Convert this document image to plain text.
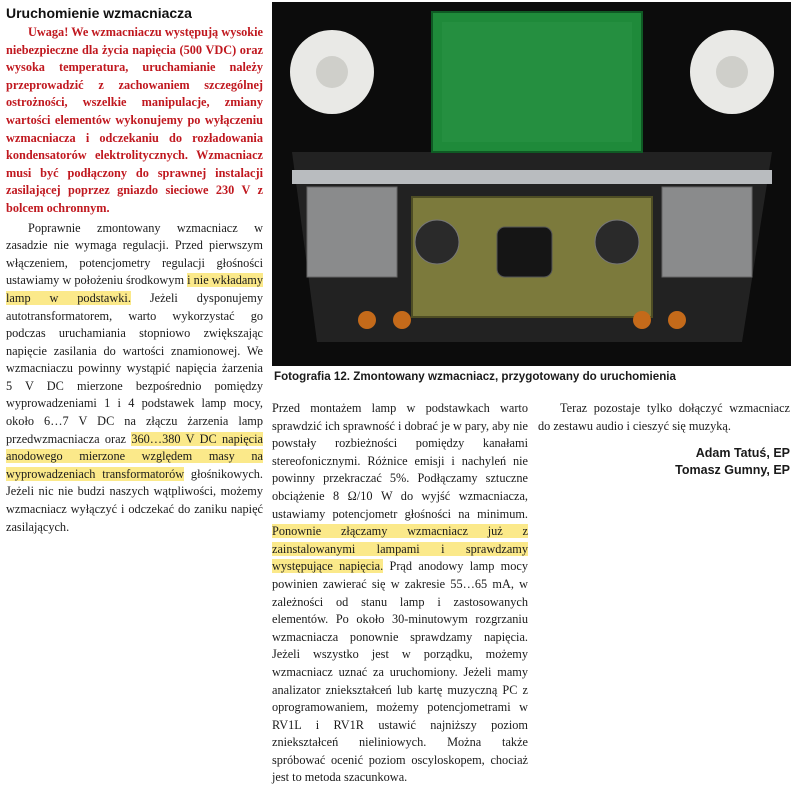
Uruchomienie wzmacniacza

Uwaga! We wzmacniaczu występują wysokie niebezpieczne dla życia napięcia (500 VDC) oraz wysoka temperatura, uruchamianie należy przeprowadzić z zachowaniem szczególnej ostrożności, wszelkie manipulacje, zmiany wartości elementów wykonujemy po wyłączeniu wzmacniacza i odczekaniu do rozładowania kondensatorów elektrolitycznych. Wzmacniacz musi być podłączony do sprawnej instalacji zasilającej poprzez gniazdo sieciowe 230 V z bolcem ochronnym.

Poprawnie zmontowany wzmacniacz w zasadzie nie wymaga regulacji. Przed pierwszym włączeniem, potencjometry regulacji głośności ustawiamy w położeniu środkowym i nie wkładamy lamp w podstawki. Jeżeli dysponujemy autotransformatorem, warto wykorzystać go podczas uruchamiania stopniowo zwiększając napięcie zasilania do wartości znamionowej. We wzmacniaczu powinny wystąpić napięcia żarzenia 5 V DC mierzone bezpośrednio pomiędzy wyprowadzeniami 1 i 4 podstawek lamp mocy, około 6…7 V DC na złączu żarzenia lamp przedwzmacniacza oraz 360…380 V DC napięcia anodowego mierzone względem masy na wyprowadzeniach transformatorów głośnikowych. Jeżeli nic nie budzi naszych wątpliwości, możemy wzmacniacz wyłączyć i odczekać do zaniku napięć zasilających.

Fotografia 12. Zmontowany wzmacniacz, przygotowany do uruchomienia

Przed montażem lamp w podstawkach warto sprawdzić ich sprawność i dobrać je w pary, aby nie powstały rozbieżności pomiędzy kanałami stereofonicznymi. Różnice emisji i nachyleń nie powinny przekraczać 5%. Podłączamy sztuczne obciążenie 8 Ω/10 W do wyjść wzmacniacza, ustawiamy potencjometr głośności na minimum. Ponownie złączamy wzmacniacz już z zainstalowanymi lampami i sprawdzamy występujące napięcia. Prąd anodowy lamp mocy powinien zawierać się w zakresie 55…65 mA, w zależności od stanu lamp i zastosowanych elementów. Po około 30-minutowym rozgrzaniu wzmacniacza ponownie sprawdzamy napięcia. Jeżeli wszystko jest w porządku, możemy wzmacniacz uznać za uruchomiony. Jeżeli mamy analizator zniekształceń lub kartę muzyczną PC z oprogramowaniem, możemy potencjometrami w RV1L i RV1R ustawić najniższy poziom zniekształceń nieliniowych. Można także spróbować ocenić poziom oscyloskopem, chociaż jest to metoda szacunkowa.

Teraz pozostaje tylko dołączyć wzmacniacz do zestawu audio i cieszyć się muzyką.

Adam Tatuś, EP
Tomasz Gumny, EP
